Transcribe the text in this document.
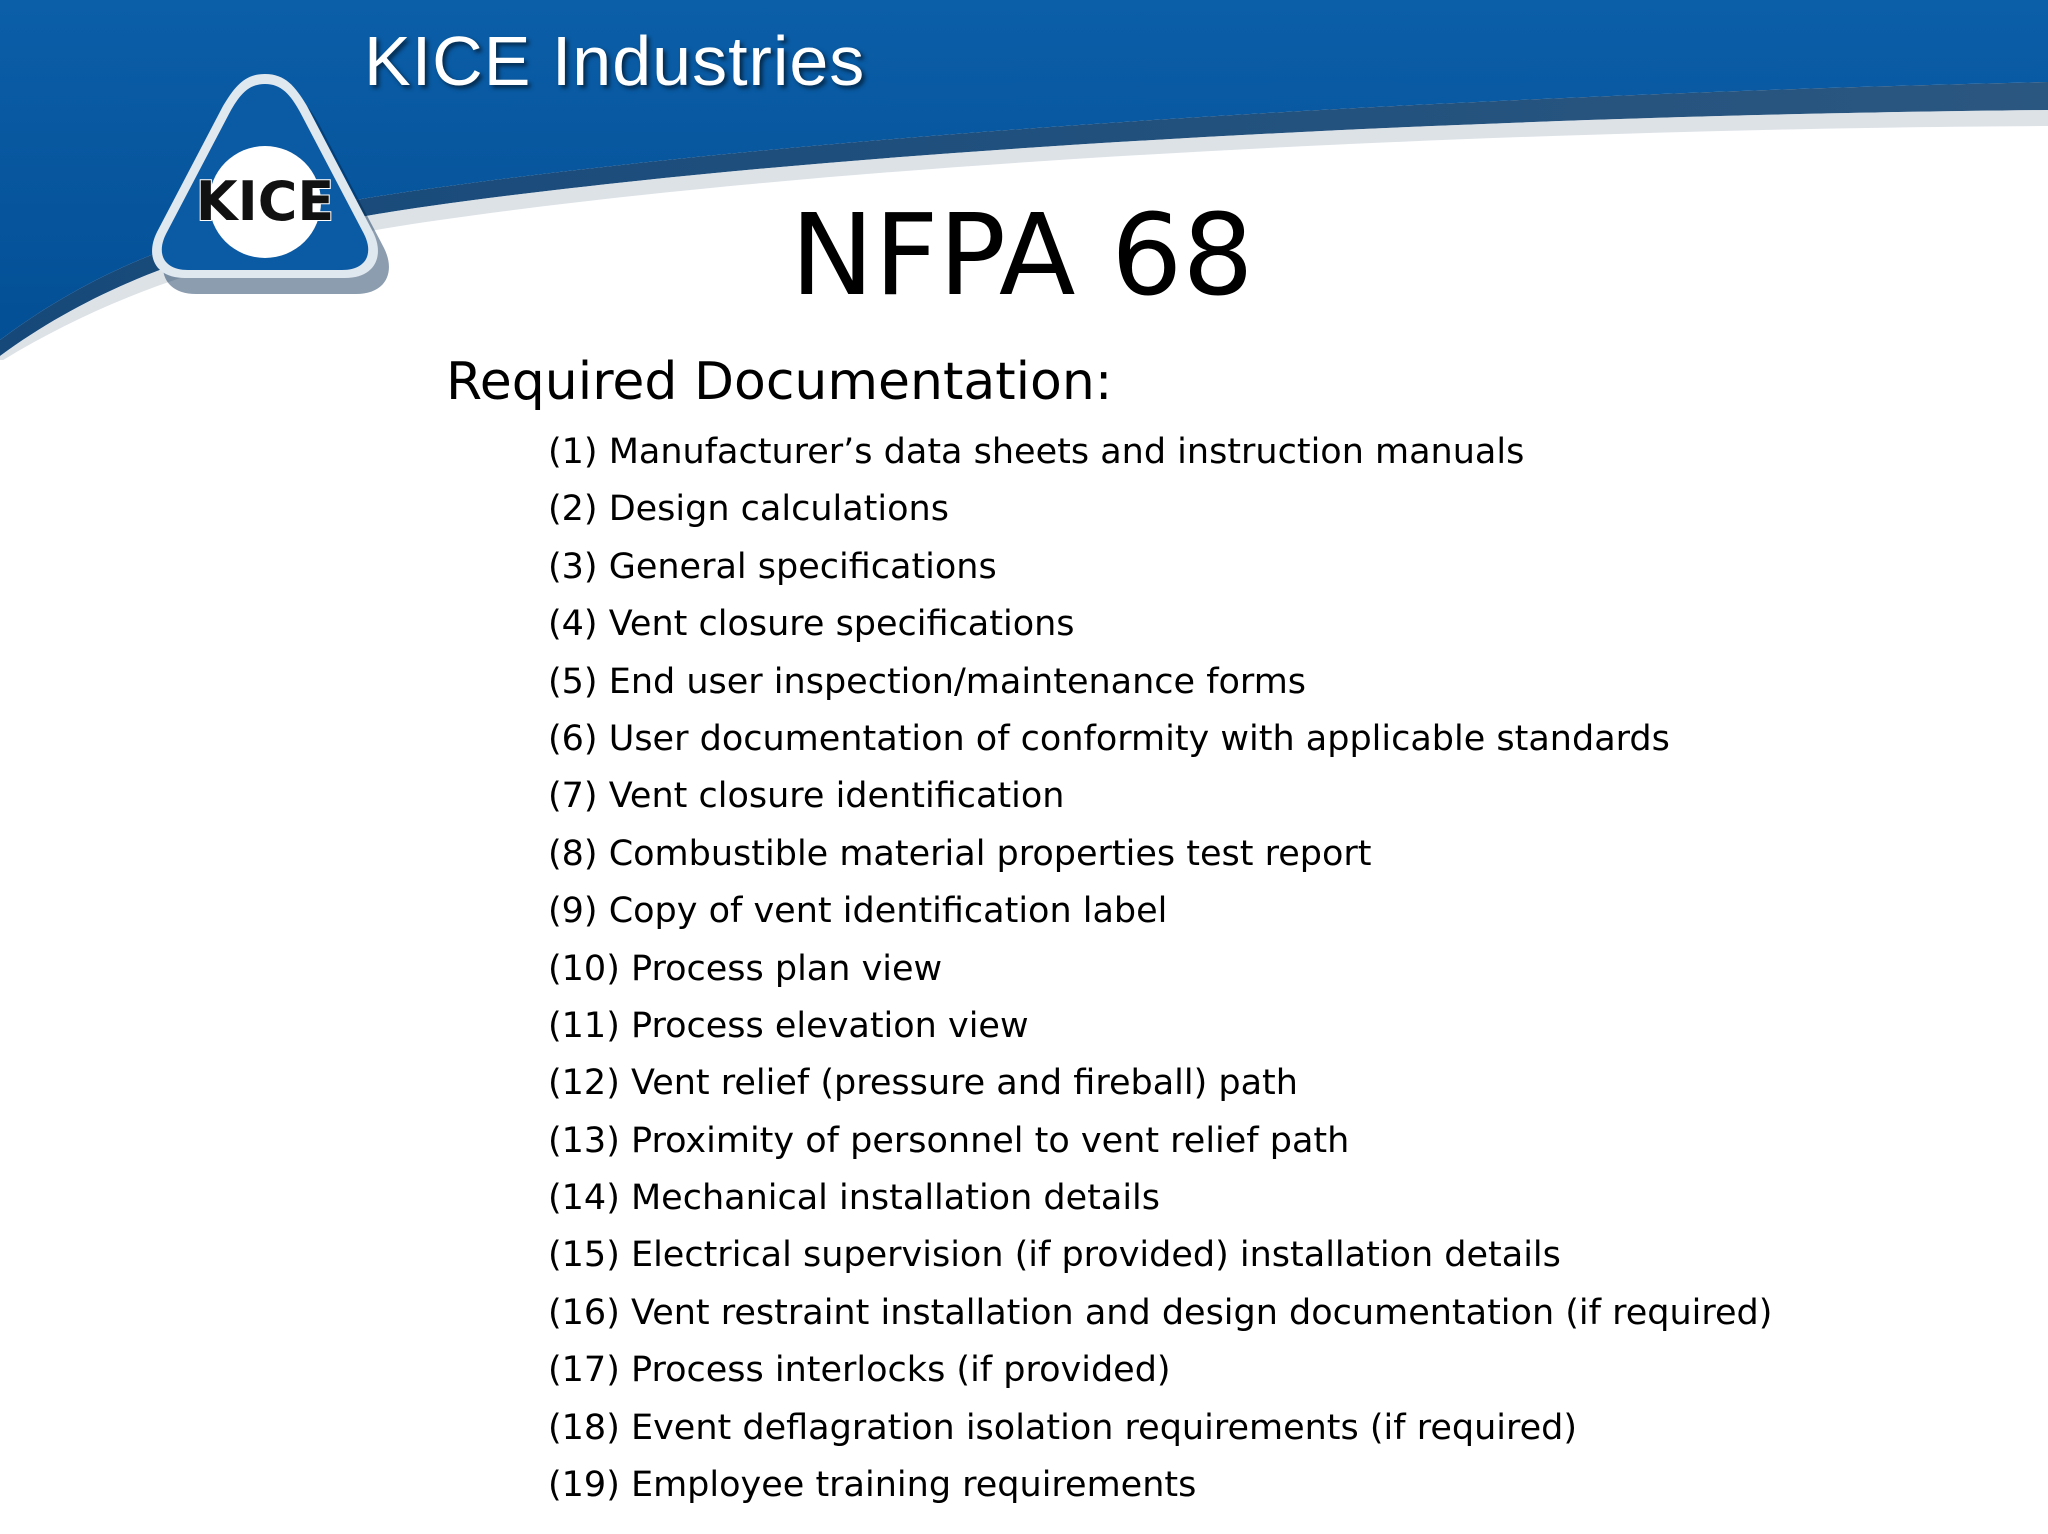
KICE
KICE Industries
NFPA 68
Required Documentation:
(1) Manufacturer’s data sheets and instruction manuals
(2) Design calculations
(3) General specifications
(4) Vent closure specifications
(5) End user inspection/maintenance forms
(6) User documentation of conformity with applicable standards
(7) Vent closure identification
(8) Combustible material properties test report
(9) Copy of vent identification label
(10) Process plan view
(11) Process elevation view
(12) Vent relief (pressure and fireball) path
(13) Proximity of personnel to vent relief path
(14) Mechanical installation details
(15) Electrical supervision (if provided) installation details
(16) Vent restraint installation and design documentation (if required)
(17) Process interlocks (if provided)
(18) Event deflagration isolation requirements (if required)
(19) Employee training requirements
